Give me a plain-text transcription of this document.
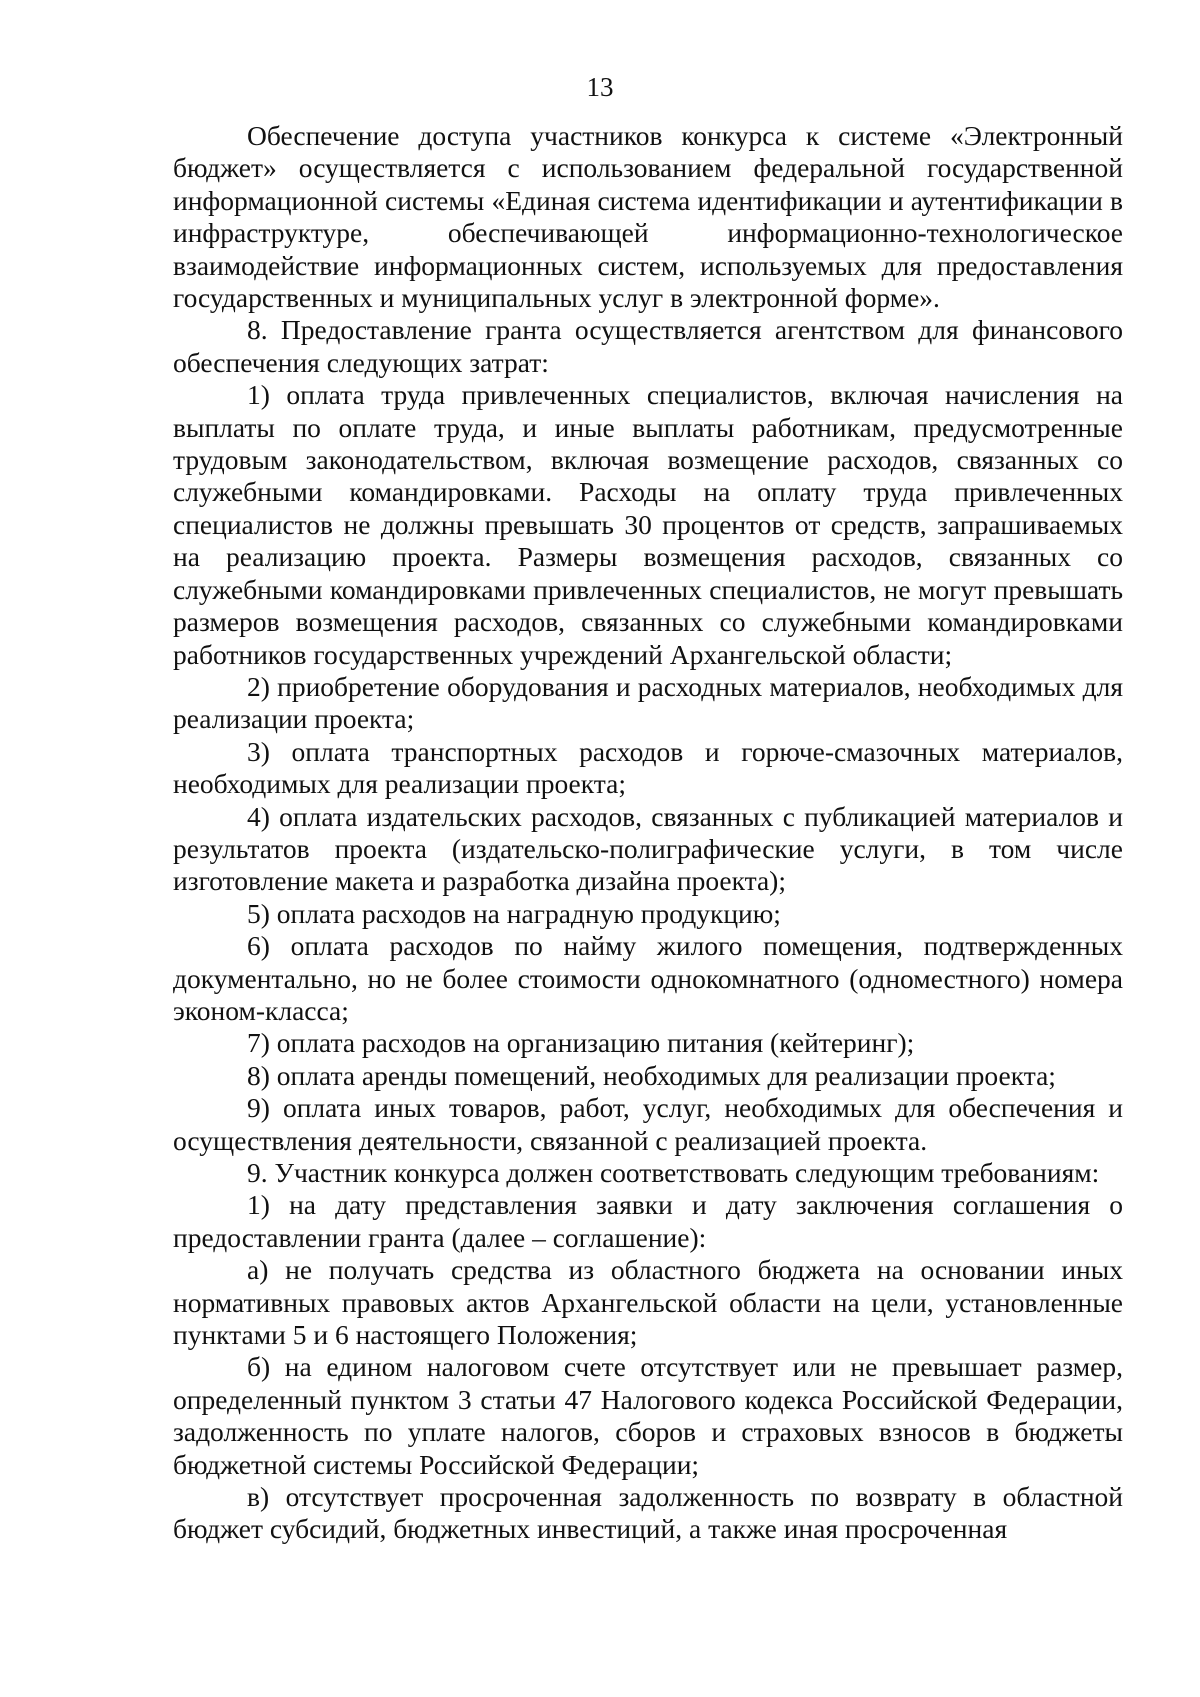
13

Обеспечение доступа участников конкурса к системе «Электронный бюджет» осуществляется с использованием федеральной государственной информационной системы «Единая система идентификации и аутентификации в инфраструктуре, обеспечивающей информационно-технологическое взаимодействие информационных систем, используемых для предоставления государственных и муниципальных услуг в электронной форме».

8. Предоставление гранта осуществляется агентством для финансового обеспечения следующих затрат:

1) оплата труда привлеченных специалистов, включая начисления на выплаты по оплате труда, и иные выплаты работникам, предусмотренные трудовым законодательством, включая возмещение расходов, связанных со служебными командировками. Расходы на оплату труда привлеченных специалистов не должны превышать 30 процентов от средств, запрашиваемых на реализацию проекта. Размеры возмещения расходов, связанных со служебными командировками привлеченных специалистов, не могут превышать размеров возмещения расходов, связанных со служебными командировками работников государственных учреждений Архангельской области;

2) приобретение оборудования и расходных материалов, необходимых для реализации проекта;

3) оплата транспортных расходов и горюче-смазочных материалов, необходимых для реализации проекта;

4) оплата издательских расходов, связанных с публикацией материалов и результатов проекта (издательско-полиграфические услуги, в том числе изготовление макета и разработка дизайна проекта);

5) оплата расходов на наградную продукцию;

6) оплата расходов по найму жилого помещения, подтвержденных документально, но не более стоимости однокомнатного (одноместного) номера эконом-класса;

7) оплата расходов на организацию питания (кейтеринг);

8) оплата аренды помещений, необходимых для реализации проекта;

9) оплата иных товаров, работ, услуг, необходимых для обеспечения и осуществления деятельности, связанной с реализацией проекта.

9. Участник конкурса должен соответствовать следующим требованиям:

1) на дату представления заявки и дату заключения соглашения о предоставлении гранта (далее – соглашение):

а) не получать средства из областного бюджета на основании иных нормативных правовых актов Архангельской области на цели, установленные пунктами 5 и 6 настоящего Положения;

б) на едином налоговом счете отсутствует или не превышает размер, определенный пунктом 3 статьи 47 Налогового кодекса Российской Федерации, задолженность по уплате налогов, сборов и страховых взносов в бюджеты бюджетной системы Российской Федерации;

в) отсутствует просроченная задолженность по возврату в областной бюджет субсидий, бюджетных инвестиций, а также иная просроченная
